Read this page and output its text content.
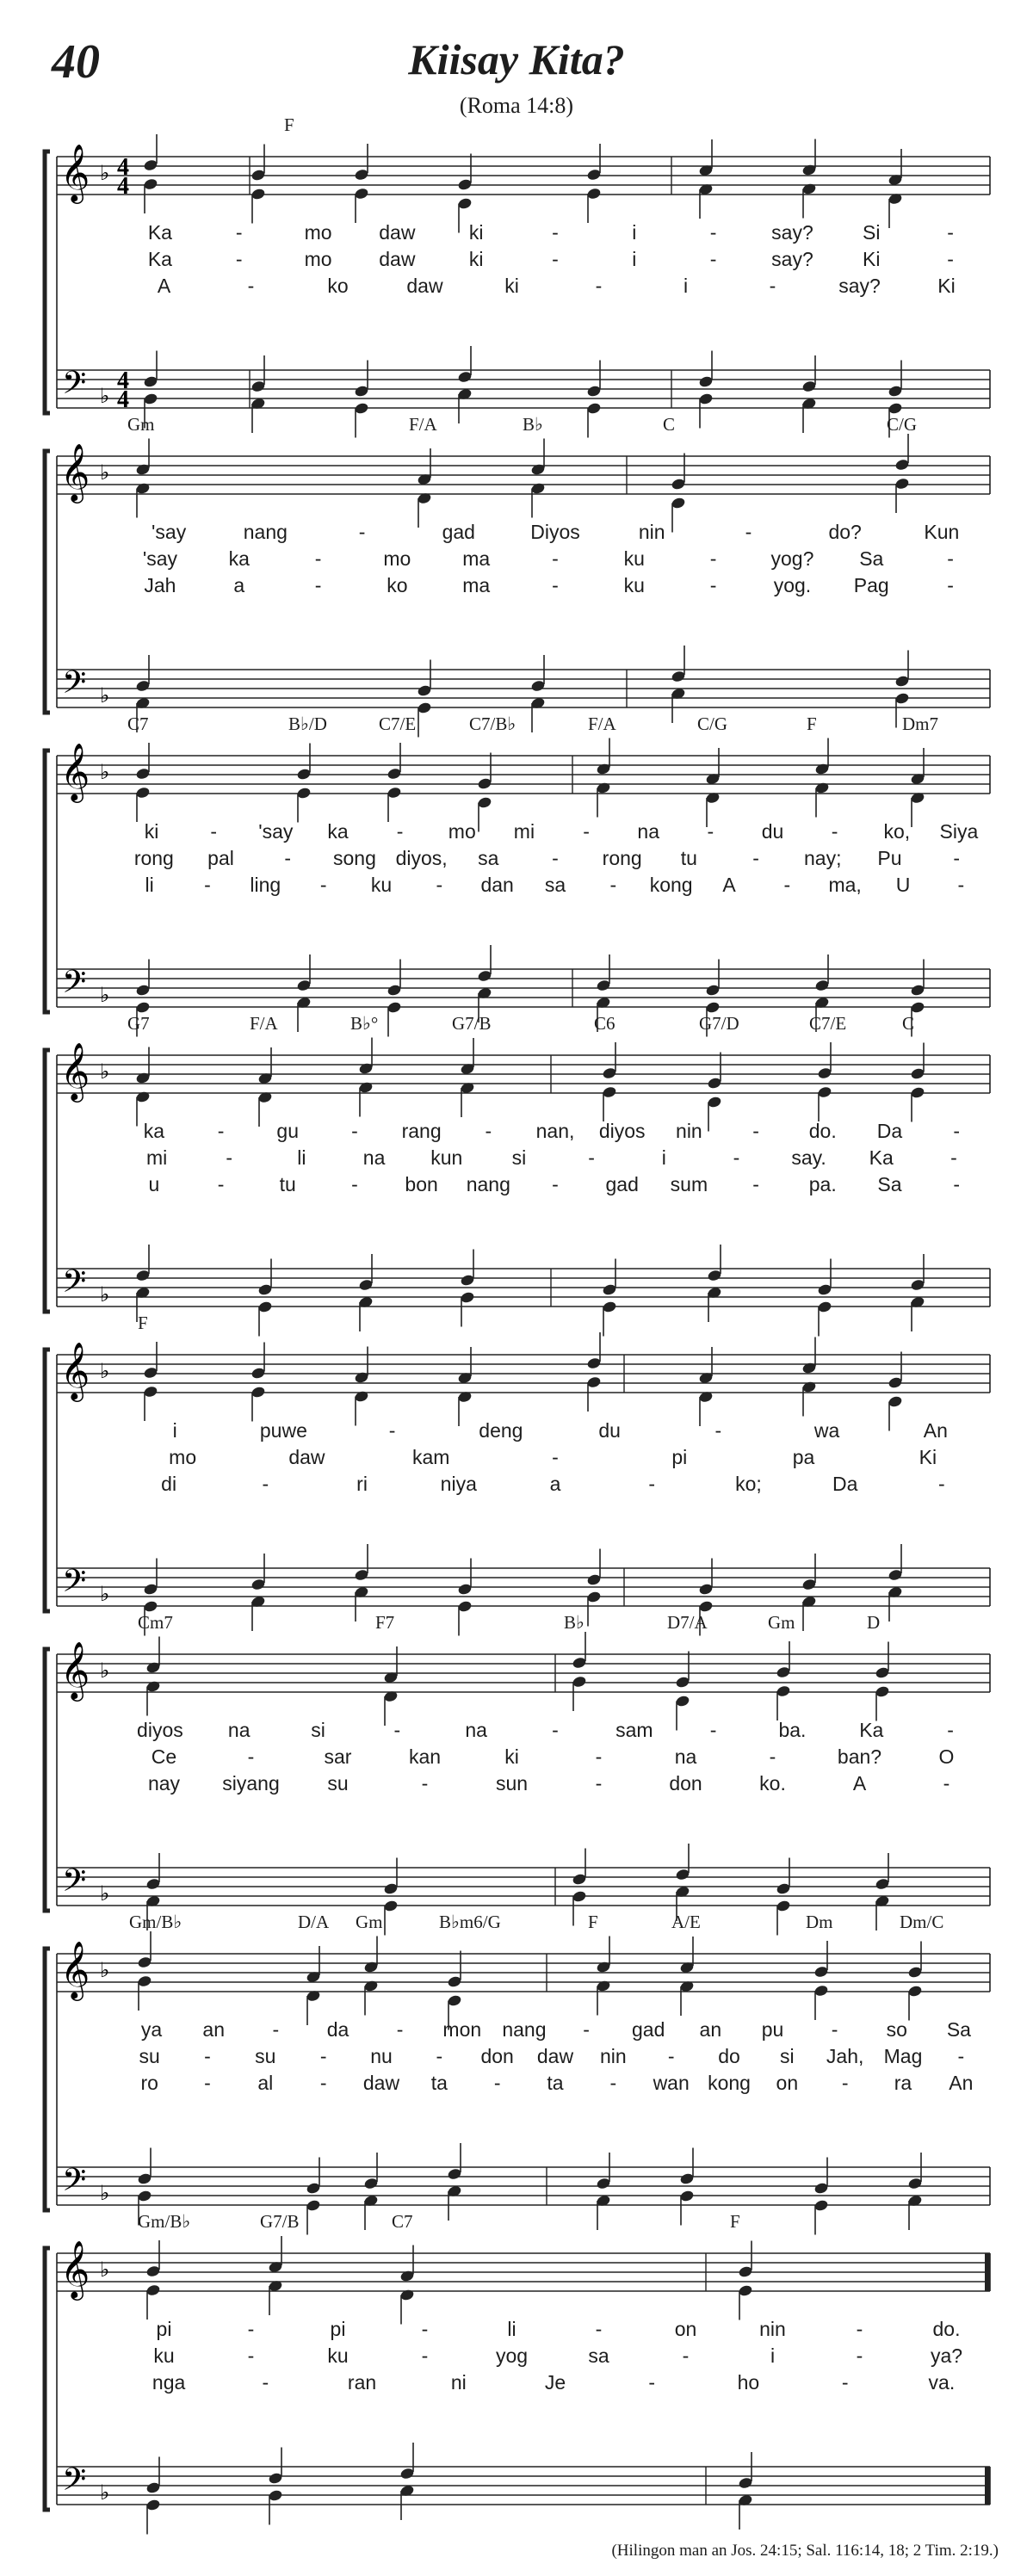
40	Kiisay Kita?
(Roma 14:8)
(Hilingon man an Jos. 24:15; Sal. 116:14, 18; 2 Tim. 2:19.)
𝄞
𝄢
♭
♭
4
4
4
4
F
Ka	-	mo daw	ki	-	i	-	say? Si	-
Ka	-	mo daw	ki	-	i	-	say? Ki	-
A	-	ko	daw	ki	-	i	-	say?	Ki
𝄞
𝄢
♭
♭
Gm	F/A	B♭	C	C/G
'say	nang	-	gad	Diyos	nin	-	do?	Kun
'say	ka	-	mo	ma	-	ku	-	yog? Sa	-
Jah	a	-	ko	ma	-	ku	-	yog. Pag	-
𝄞
𝄢
♭
♭
C7	B♭/D	C7/E	C7/B♭	F/A	C/G	F	Dm7
ki	- 'say ka - mo mi - na - du - ko, Siya
rong pal	- song diyos, sa	- rong tu	- nay; Pu	-
li	- ling - ku - dan sa - kong A - ma, U -
𝄞
𝄢
♭
♭
G7	F/A	B♭°	G7/B	C6	G7/D	C7/E	C
ka	-	gu	- rang - nan, diyos nin	-	do. Da	-
mi	-	li	na kun si	-	i	-	say. Ka	-
u	-	tu	- bon nang - gad sum -	pa. Sa	-
𝄞
𝄢
♭
♭
F
i	puwe	-	deng	du	-	wa	An
mo	daw	kam	-	pi	pa	Ki
di	-	ri	niya	a	-	ko;	Da	-
𝄞
𝄢
♭
♭
Cm7	F7	B♭	D7/A	Gm	D
diyos na	si	-	na	-	sam	-	ba.	Ka	-
Ce	-	sar	kan	ki	-	na	-	ban?	O
nay siyang su	-	sun	-	don	ko.	A	-
𝄞
𝄢
♭
♭
Gm/B♭	D/A Gm	B♭m6/G	F	A/E	Dm	Dm/C
ya an - da - mon nang - gad an pu - so Sa
su - su - nu - don daw nin - do si Jah, Mag -
ro - al - daw ta - ta - wan kong on - ra An
𝄞
𝄢
♭
♭
Gm/B♭	G7/B	C7	F
pi	-	pi	-	li	-	on	nin	-	do.
ku	-	ku	-	yog	sa	-	i	-	ya?
nga	-	ran	ni	Je	-	ho	-	va.
